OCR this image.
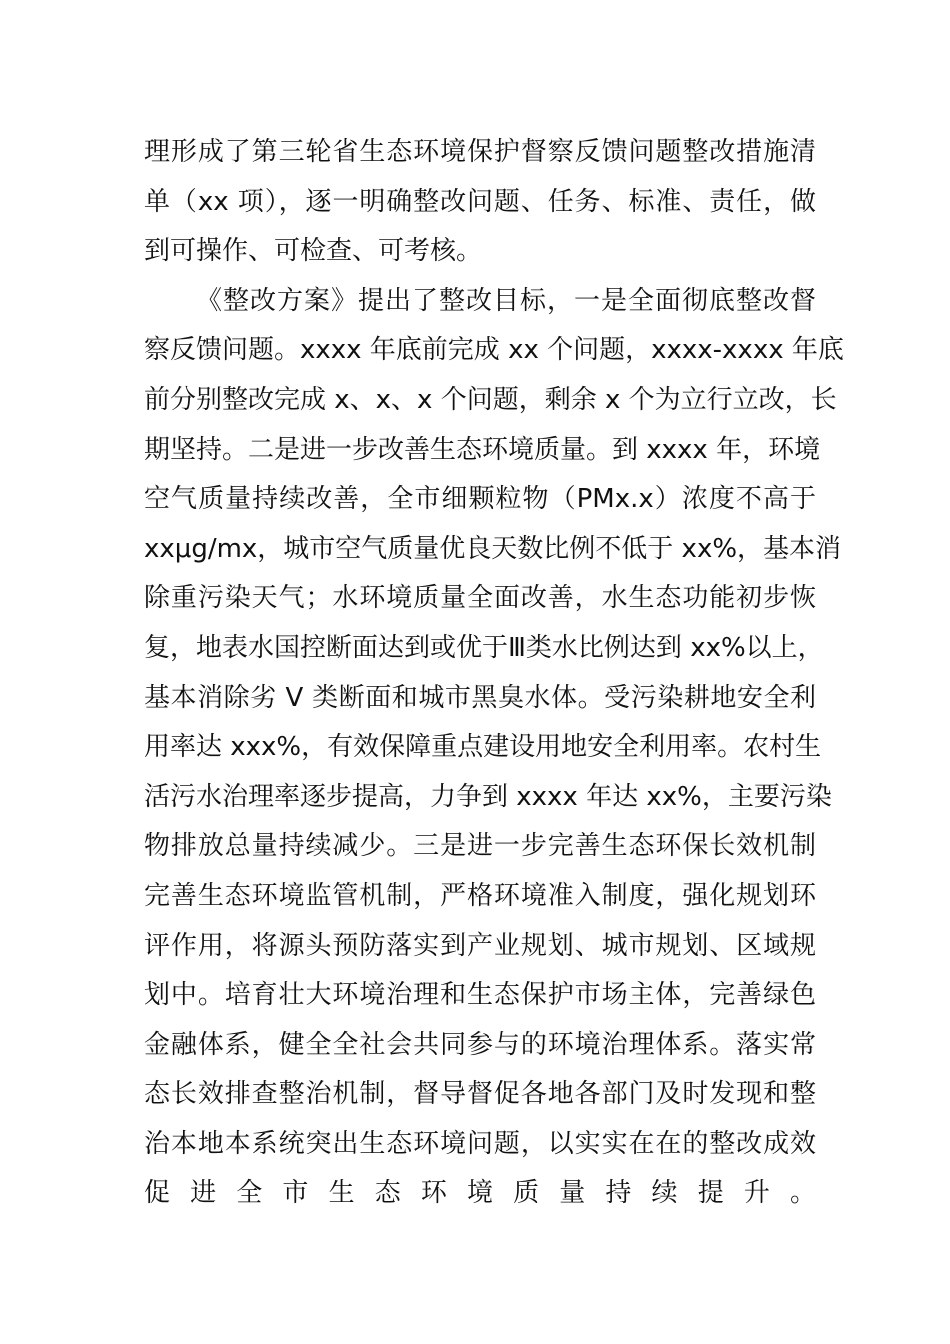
理形成了第三轮省生态环境保护督察反馈问题整改措施清
单（xx 项），逐一明确整改问题、任务、标准、责任，做
到可操作、可检查、可考核。
《整改方案》提出了整改目标，一是全面彻底整改督
察反馈问题。xxxx 年底前完成 xx 个问题，xxxx-xxxx 年底
前分别整改完成 x、x、x 个问题，剩余 x 个为立行立改，长
期坚持。二是进一步改善生态环境质量。到 xxxx 年，环境
空气质量持续改善，全市细颗粒物（PMx.x）浓度不高于
xxμg/mx，城市空气质量优良天数比例不低于 xx%，基本消
除重污染天气；水环境质量全面改善，水生态功能初步恢
复，地表水国控断面达到或优于Ⅲ类水比例达到 xx%以上，
基本消除劣 V 类断面和城市黑臭水体。受污染耕地安全利
用率达 xxx%，有效保障重点建设用地安全利用率。农村生
活污水治理率逐步提高，力争到 xxxx 年达 xx%，主要污染
物排放总量持续减少。三是进一步完善生态环保长效机制
完善生态环境监管机制，严格环境准入制度，强化规划环
评作用，将源头预防落实到产业规划、城市规划、区域规
划中。培育壮大环境治理和生态保护市场主体，完善绿色
金融体系，健全全社会共同参与的环境治理体系。落实常
态长效排查整治机制，督导督促各地各部门及时发现和整
治本地本系统突出生态环境问题，以实实在在的整改成效
促进全市生态环境质量持续提升。
